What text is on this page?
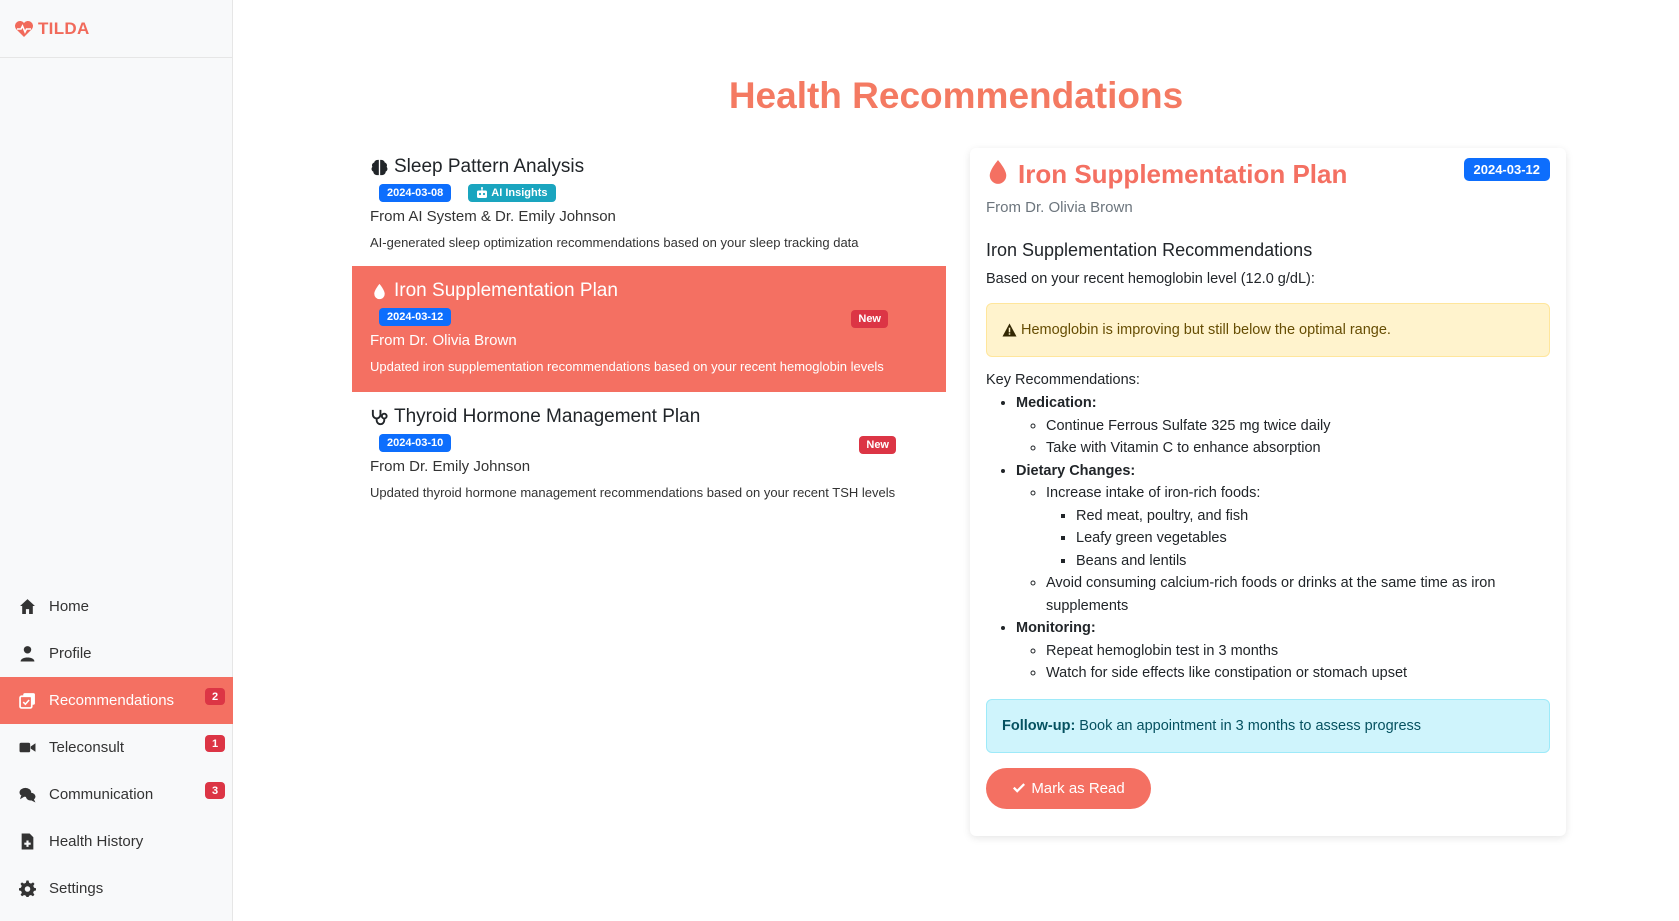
TILDA
Home
Profile
Recommendations	2
Teleconsult	1
Communication	3
Health History
Settings
Health Recommendations
Sleep Pattern Analysis
2024-03-08	AI Insights
From AI System & Dr. Emily Johnson
AI-generated sleep optimization recommendations based on your sleep tracking data
Iron Supplementation Plan
2024-03-12	New
From Dr. Olivia Brown
Updated iron supplementation recommendations based on your recent hemoglobin levels
Thyroid Hormone Management Plan
2024-03-10	New
From Dr. Emily Johnson
Updated thyroid hormone management recommendations based on your recent TSH levels
Iron Supplementation Plan	2024-03-12
From Dr. Olivia Brown
Iron Supplementation Recommendations
Based on your recent hemoglobin level (12.0 g/dL):
Hemoglobin is improving but still below the optimal range.
Key Recommendations:
• Medication:
◦ Continue Ferrous Sulfate 325 mg twice daily
◦ Take with Vitamin C to enhance absorption
• Dietary Changes:
◦ Increase intake of iron-rich foods:
▪ Red meat, poultry, and fish
▪ Leafy green vegetables
▪ Beans and lentils
◦ Avoid consuming calcium-rich foods or drinks at the same time as iron supplements
• Monitoring:
◦ Repeat hemoglobin test in 3 months
◦ Watch for side effects like constipation or stomach upset
Follow-up: Book an appointment in 3 months to assess progress
Mark as Read
